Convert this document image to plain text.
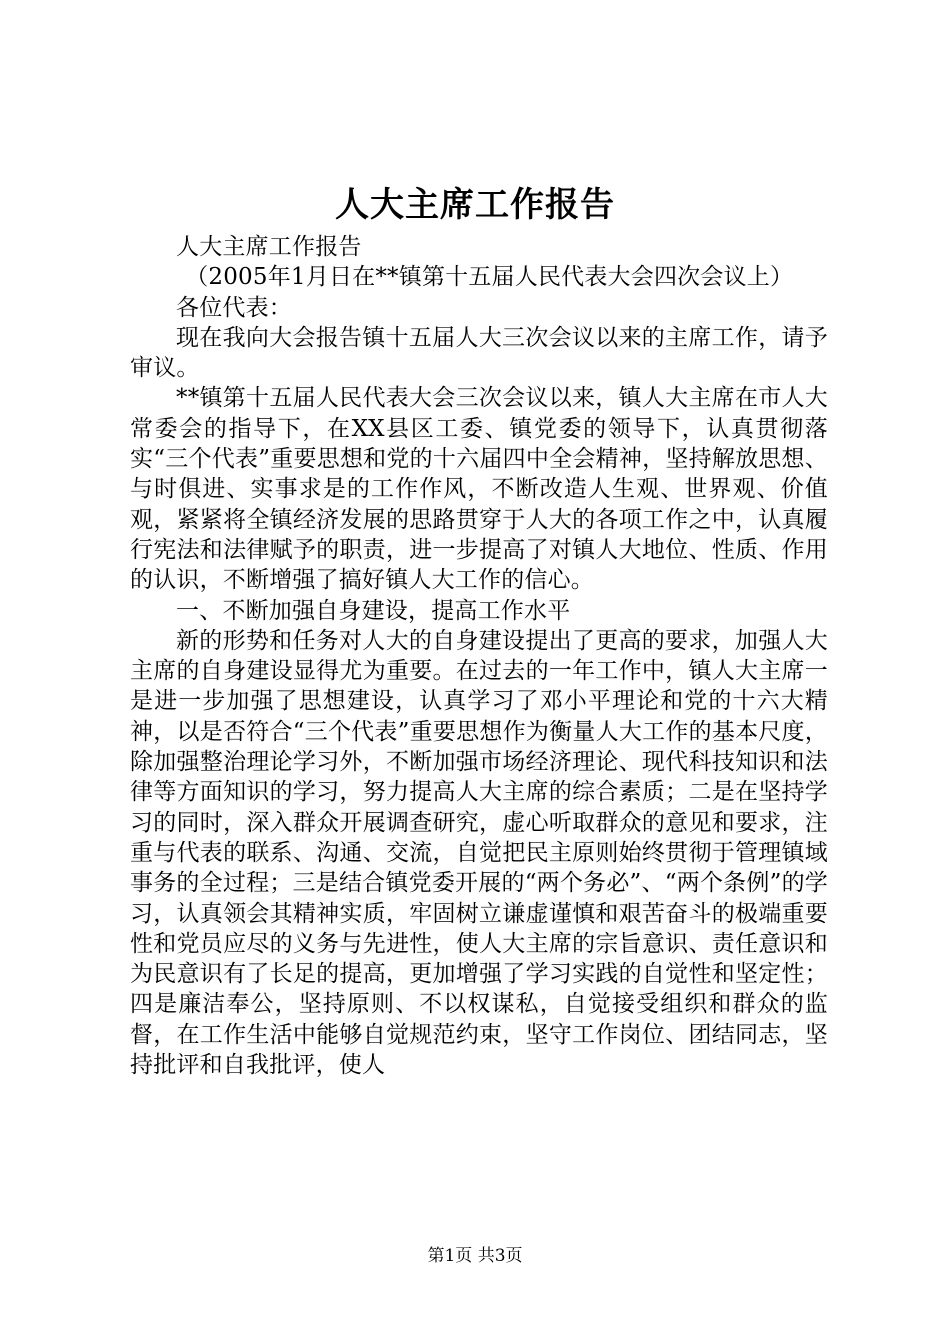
人大主席工作报告

人大主席工作报告

（2005年1月日在**镇第十五届人民代表大会四次会议上）

各位代表：

现在我向大会报告镇十五届人大三次会议以来的主席工作，请予审议。

**镇第十五届人民代表大会三次会议以来，镇人大主席在市人大常委会的指导下，在XX县区工委、镇党委的领导下，认真贯彻落实“三个代表”重要思想和党的十六届四中全会精神，坚持解放思想、与时俱进、实事求是的工作作风，不断改造人生观、世界观、价值观，紧紧将全镇经济发展的思路贯穿于人大的各项工作之中，认真履行宪法和法律赋予的职责，进一步提高了对镇人大地位、性质、作用的认识，不断增强了搞好镇人大工作的信心。

一、不断加强自身建设，提高工作水平

新的形势和任务对人大的自身建设提出了更高的要求，加强人大主席的自身建设显得尤为重要。在过去的一年工作中，镇人大主席一是进一步加强了思想建设，认真学习了邓小平理论和党的十六大精神，以是否符合“三个代表”重要思想作为衡量人大工作的基本尺度，除加强整治理论学习外，不断加强市场经济理论、现代科技知识和法律等方面知识的学习，努力提高人大主席的综合素质；二是在坚持学习的同时，深入群众开展调查研究，虚心听取群众的意见和要求，注重与代表的联系、沟通、交流，自觉把民主原则始终贯彻于管理镇域事务的全过程；三是结合镇党委开展的“两个务必”、“两个条例”的学习，认真领会其精神实质，牢固树立谦虚谨慎和艰苦奋斗的极端重要性和党员应尽的义务与先进性，使人大主席的宗旨意识、责任意识和为民意识有了长足的提高，更加增强了学习实践的自觉性和坚定性；四是廉洁奉公，坚持原则、不以权谋私，自觉接受组织和群众的监督，在工作生活中能够自觉规范约束，坚守工作岗位、团结同志，坚持批评和自我批评，使人

第1页 共3页
